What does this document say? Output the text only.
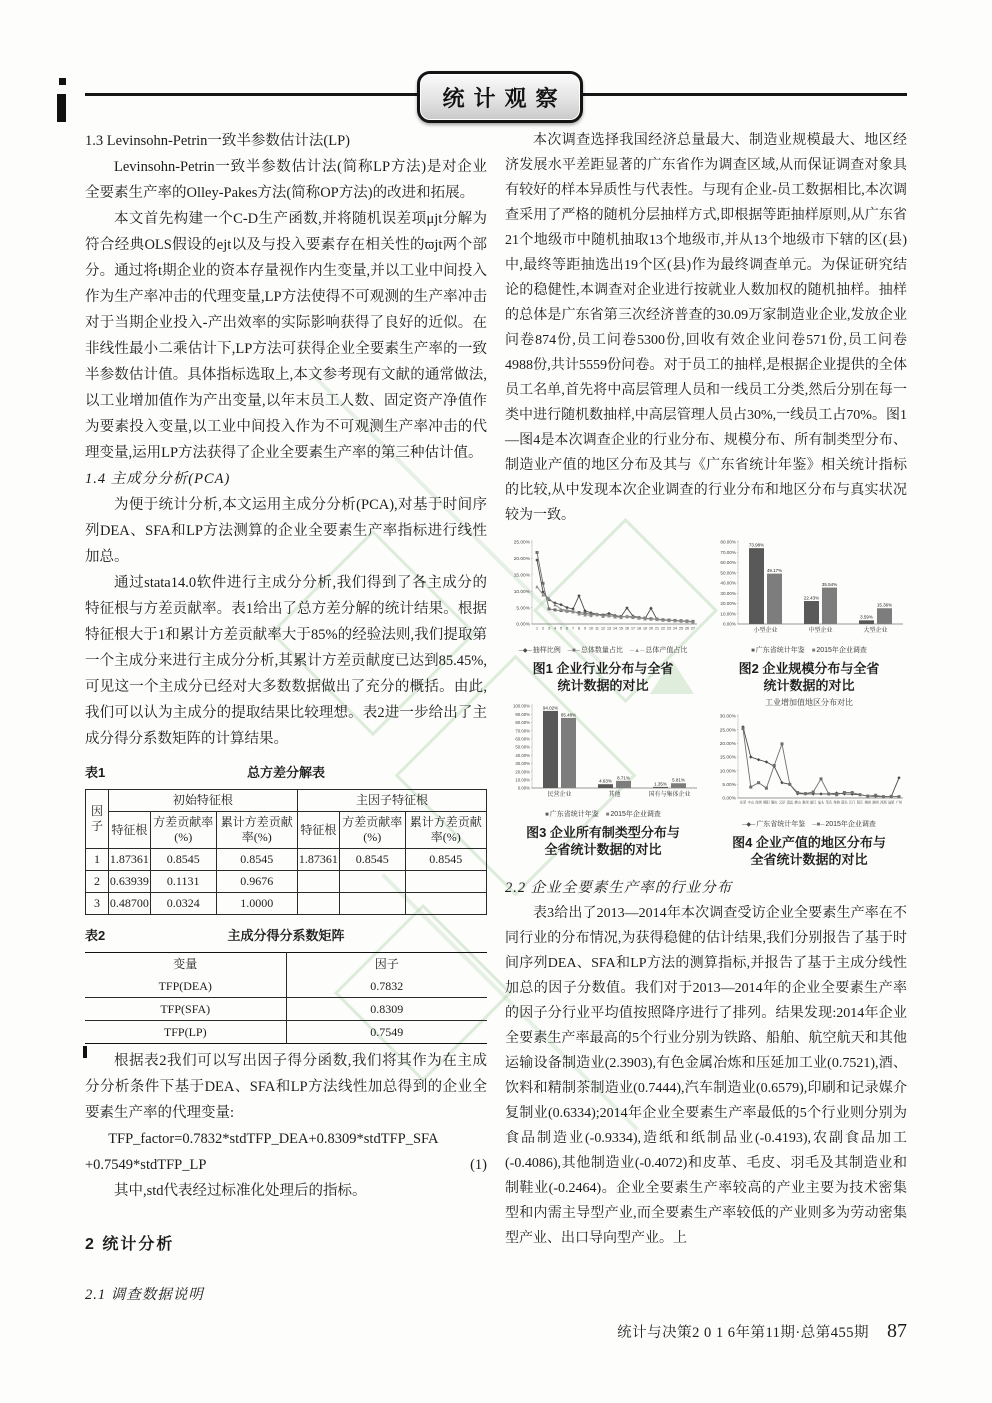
统计观察
1.3 Levinsohn-Petrin一致半参数估计法(LP)

Levinsohn-Petrin一致半参数估计法(简称LP方法)是对企业全要素生产率的Olley-Pakes方法(简称OP方法)的改进和拓展。

本文首先构建一个C-D生产函数,并将随机误差项μjt分解为符合经典OLS假设的ejt以及与投入要素存在相关性的ϖjt两个部分。通过将t期企业的资本存量视作内生变量,并以工业中间投入作为生产率冲击的代理变量,LP方法使得不可观测的生产率冲击对于当期企业投入-产出效率的实际影响获得了良好的近似。在非线性最小二乘估计下,LP方法可获得企业全要素生产率的一致半参数估计值。具体指标选取上,本文参考现有文献的通常做法,以工业增加值作为产出变量,以年末员工人数、固定资产净值作为要素投入变量,以工业中间投入作为不可观测生产率冲击的代理变量,运用LP方法获得了企业全要素生产率的第三种估计值。

1.4 主成分分析(PCA)

为便于统计分析,本文运用主成分分析(PCA),对基于时间序列DEA、SFA和LP方法测算的企业全要素生产率指标进行线性加总。

通过stata14.0软件进行主成分分析,我们得到了各主成分的特征根与方差贡献率。表1给出了总方差分解的统计结果。根据特征根大于1和累计方差贡献率大于85%的经验法则,我们提取第一个主成分来进行主成分分析,其累计方差贡献度已达到85.45%,可见这一个主成分已经对大多数数据做出了充分的概括。由此,我们可以认为主成分的提取结果比较理想。表2进一步给出了主成分得分系数矩阵的计算结果。

表1	总方差分解表
因子	初始特征根			主因子特征根		
	特征根	方差贡献率(%)	累计方差贡献率(%)	特征根	方差贡献率(%)	累计方差贡献率(%)
1	1.87361	0.8545	0.8545	1.87361	0.8545	0.8545
2	0.63939	0.1131	0.9676			
3	0.48700	0.0324	1.0000			
表2	主成分得分系数矩阵
变量	因子
TFP(DEA)	0.7832
TFP(SFA)	0.8309
TFP(LP)	0.7549

根据表2我们可以写出因子得分函数,我们将其作为在主成分分析条件下基于DEA、SFA和LP方法线性加总得到的企业全要素生产率的代理变量:

TFP_factor=0.7832*stdTFP_DEA+0.8309*stdTFP_SFA
+0.7549*stdTFP_LP	(1)

其中,std代表经过标准化处理后的指标。

2 统计分析
2.1 调查数据说明

本次调查选择我国经济总量最大、制造业规模最大、地区经济发展水平差距显著的广东省作为调查区域,从而保证调查对象具有较好的样本异质性与代表性。与现有企业-员工数据相比,本次调查采用了严格的随机分层抽样方式,即根据等距抽样原则,从广东省21个地级市中随机抽取13个地级市,并从13个地级市下辖的区(县)中,最终等距抽选出19个区(县)作为最终调查单元。为保证研究结论的稳健性,本调查对企业进行按就业人数加权的随机抽样。抽样的总体是广东省第三次经济普查的30.09万家制造业企业,发放企业问卷874份,员工问卷5300份,回收有效企业问卷571份,员工问卷4988份,共计5559份问卷。对于员工的抽样,是根据企业提供的全体员工名单,首先将中高层管理人员和一线员工分类,然后分别在每一类中进行随机数抽样,中高层管理人员占30%,一线员工占70%。图1—图4是本次调查企业的行业分布、规模分布、所有制类型分布、制造业产值的地区分布及其与《广东省统计年鉴》相关统计指标的比较,从中发现本次企业调查的行业分布和地区分布与真实状况较为一致。

0.00%
5.00%
10.00%
15.00%
20.00%
25.00%
1 2 3 4 5 6 7 8 9 10 11 12 13 14 15 16 17 18 19 20 21 22 23 24 25 26 27
─◆─抽样比例 ─■─总体数量占比 ─▲─总体产值占比
图1 企业行业分布与全省
统计数据的对比
0.00%
10.00%
20.00%
30.00%
40.00%
50.00%
60.00%
70.00%
80.00%
73.98%
22.43%
3.59%
49.17%
35.54%
15.36%
小型企业	中型企业	大型企业
■广东省统计年鉴 ■2015年企业调查
图2 企业规模分布与全省
统计数据的对比
0.00%
10.00%
20.00%
30.00%
40.00%
50.00%
60.00%
70.00%
80.00%
90.00%
100.00%	94.02%
4.63%
1.35%
85.48%
8.71%	5.81%
民营企业	其他	国有与集体企业
■广东省统计年鉴 ■2015年企业调查
图3 企业所有制类型分布与
全省统计数据的对比
工业增加值地区分布对比
0.00%
5.00%
10.00%
15.00%
20.00%
25.00%
30.00%
东莞 中山 深圳 揭阳 肇庆 云浮 清远 佛山 惠州 湛江 汕头 茂名 珠海 韶关 江门 阳江 梅州 潮州 河源 汕尾 广州
─◆─广东省统计年鉴 ─■─2015年企业调查
图4 企业产值的地区分布与
全省统计数据的对比
2.2 企业全要素生产率的行业分布

表3给出了2013—2014年本次调查受访企业全要素生产率在不同行业的分布情况,为获得稳健的估计结果,我们分别报告了基于时间序列DEA、SFA和LP方法的测算指标,并报告了基于主成分线性加总的因子分数值。我们对于2013—2014年的企业全要素生产率的因子分行业平均值按照降序进行了排列。结果发现:2014年企业全要素生产率最高的5个行业分别为铁路、船舶、航空航天和其他运输设备制造业(2.3903),有色金属冶炼和压延加工业(0.7521),酒、饮料和精制茶制造业(0.7444),汽车制造业(0.6579),印刷和记录媒介复制业(0.6334);2014年企业全要素生产率最低的5个行业则分别为食品制造业(-0.9334),造纸和纸制品业(-0.4193),农副食品加工(-0.4086),其他制造业(-0.4072)和皮革、毛皮、羽毛及其制造业和制鞋业(-0.2464)。企业全要素生产率较高的产业主要为技术密集型和内需主导型产业,而全要素生产率较低的产业则多为劳动密集型产业、出口导向型产业。上

统计与决策2 0 1 6年第11期·总第455期 87
